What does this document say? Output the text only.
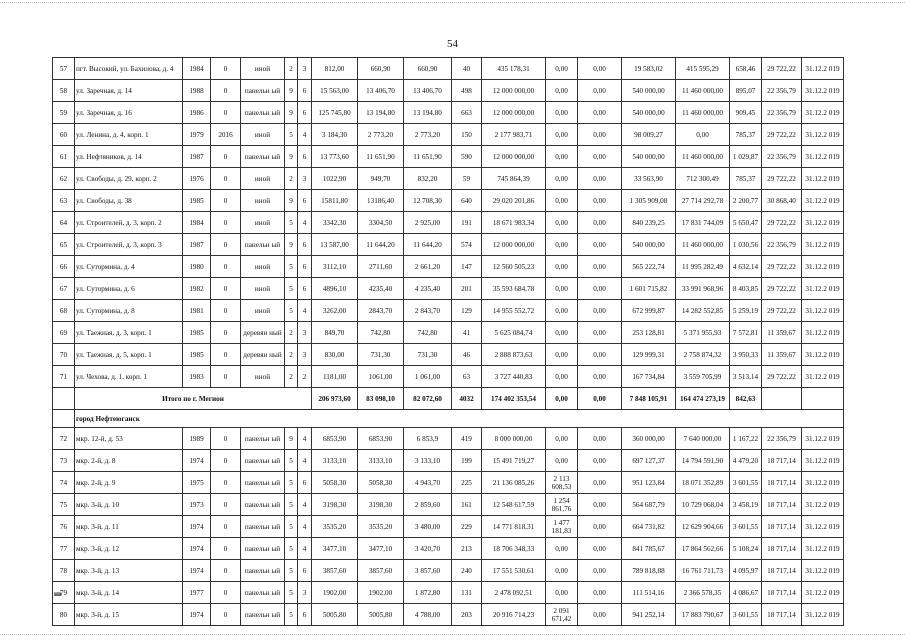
54
57	пгт. Высокий, ул. Бахилова, д. 4	1984	0	иной	2	3	812,00	660,90	660,90	40	435 178,31	0,00	0,00	19 583,02	415 595,29	658,46	29 722,22	31.12.2 019
58	ул. Заречная, д. 14	1988	0	панельн ый	9	6	15 563,00	13 406,70	13 406,70	498	12 000 000,00	0,00	0,00	540 000,00	11 460 000,00	895,07	22 356,79	31.12.2 019
59	ул. Заречная, д. 16	1986	0	панельн ый	9	6	125 745,80	13 194,80	13 194,80	663	12 000 000,00	0,00	0,00	540 000,00	11 460 000,00	909,45	22 356,79	31.12.2 019
60	ул. Ленина, д. 4, корп. 1	1979	2016	иной	5	4	3 184,30	2 773,20	2 773,20	150	2 177 983,71	0,00	0,00	98 009,27	0,00	785,37	29 722,22	31.12.2 019
61	ул. Нефтяников, д. 14	1987	0	панельн ый	9	6	13 773,60	11 651,90	11 651,90	590	12 000 000,00	0,00	0,00	540 000,00	11 460 000,00	1 029,87	22 356,79	31.12.2 019
62	ул. Свободы, д. 29, корп. 2	1976	0	иной	2	3	1022,90	949,70	832,20	59	745 864,39	0,00	0,00	33 563,90	712 300,49	785,37	29 722,22	31.12.2 019
63	ул. Свободы, д. 38	1985	0	иной	9	6	15811,80	13186,40	12 708,30	640	29 020 201,86	0,00	0,00	1 305 909,08	27 714 292,78	2 200,77	30 868,40	31.12.2 019
64	ул. Строителей, д. 3, корп. 2	1984	0	иной	5	4	3342,30	3304,50	2 925,00	191	18 671 983,34	0,00	0,00	840 239,25	17 831 744,09	5 650,47	29 722,22	31.12.2 019
65	ул. Строителей, д. 3, корп. 3	1987	0	панельн ый	9	6	13 587,00	11 644,20	11 644,20	574	12 000 000,00	0,00	0,00	540 000,00	11 460 000,00	1 030,56	22 356,79	31.12.2 019
66	ул. Сутормина, д. 4	1980	0	иной	5	6	3112,10	2711,60	2 661,20	147	12 560 505,23	0,00	0,00	565 222,74	11 995 282,49	4 632,14	29 722,22	31.12.2 019
67	ул. Сутормина, д. 6	1982	0	иной	5	6	4896,10	4235,40	4 235,40	201	35 593 684,78	0,00	0,00	1 601 715,82	33 991 968,96	8 403,85	29 722,22	31.12.2 019
68	ул. Сутормина, д. 8	1981	0	иной	5	4	3262,00	2843,70	2 843,70	129	14 955 552,72	0,00	0,00	672 999,87	14 282 552,85	5 259,19	29 722,22	31.12.2 019
69	ул. Таежная, д. 3, корп. 1	1985	0	деревян ный	2	3	849,70	742,80	742,80	41	5 625 084,74	0,00	0,00	253 128,81	5 371 955,93	7 572,81	11 359,67	31.12.2 019
70	ул. Таежная, д. 5, корп. 1	1985	0	деревян ный	2	3	830,00	731,30	731,30	46	2 888 873,63	0,00	0,00	129 999,31	2 758 874,32	3 950,33	11 359,67	31.12.2 019
71	ул. Чехова, д. 1, корп. 1	1983	0	иной	2	2	1181,00	1061,00	1 061,00	63	3 727 440,83	0,00	0,00	167 734,84	3 559 705,99	3 513,14	29 722,22	31.12.2 019
	Итого по г. Мегион						206 973,60	83 098,10	82 072,60	4032	174 402 353,54	0,00	0,00	7 848 105,91	164 474 273,19	842,63		
	город Нефтеюганск																	
72	мкр. 12-й, д. 53	1989	0	панельн ый	9	4	6853,90	6853,90	6 853,9	419	8 000 000,00	0,00	0,00	360 000,00	7 640 000,00	1 167,22	22 356,79	31.12.2 019
73	мкр. 2-й, д. 8	1974	0	панельн ый	5	4	3133,10	3133,10	3 133,10	199	15 491 719,27	0,00	0,00	697 127,37	14 794 591,90	4 479,20	18 717,14	31.12.2 019
74	мкр. 2-й, д. 9	1975	0	панельн ый	5	6	5058,30	5058,30	4 943,70	225	21 136 085,26	2 113 608,53	0,00	951 123,84	18 071 352,89	3 601,55	18 717,14	31.12.2 019
75	мкр. 3-й, д. 10	1973	0	панельн ый	5	4	3198,30	3198,30	2 859,60	161	12 548 617,59	1 254 861,76	0,00	564 687,79	10 729 068,04	3 458,19	18 717,14	31.12.2 019
76	мкр. 3-й, д. 11	1974	0	панельн ый	5	4	3535,20	3535,20	3 480,00	229	14 771 818,31	1 477 181,83	0,00	664 731,82	12 629 904,66	3 601,55	18 717,14	31.12.2 019
77	мкр. 3-й, д. 12	1974	0	панельн ый	5	4	3477,10	3477,10	3 420,70	213	18 706 348,33	0,00	0,00	841 785,67	17 864 562,66	5 108,24	18 717,14	31.12.2 019
78	мкр. 3-й, д. 13	1974	0	панельн ый	5	6	3857,60	3857,60	3 857,60	240	17 551 530,61	0,00	0,00	789 818,88	16 761 711,73	4 095,97	18 717,14	31.12.2 019
79	мкр. 3-й, д. 14	1977	0	панельн ый	5	3	1902,00	1902,00	1 872,80	131	2 478 092,51	0,00	0,00	111 514,16	2 366 578,35	4 086,67	18 717,14	31.12.2 019
80	мкр. 3-й, д. 15	1974	0	панельн ый	5	6	5005,80	5005,80	4 788,00	203	20 916 714,23	2 091 671,42	0,00	941 252,14	17 883 790,67	3 601,55	18 717,14	31.12.2 019
нв
